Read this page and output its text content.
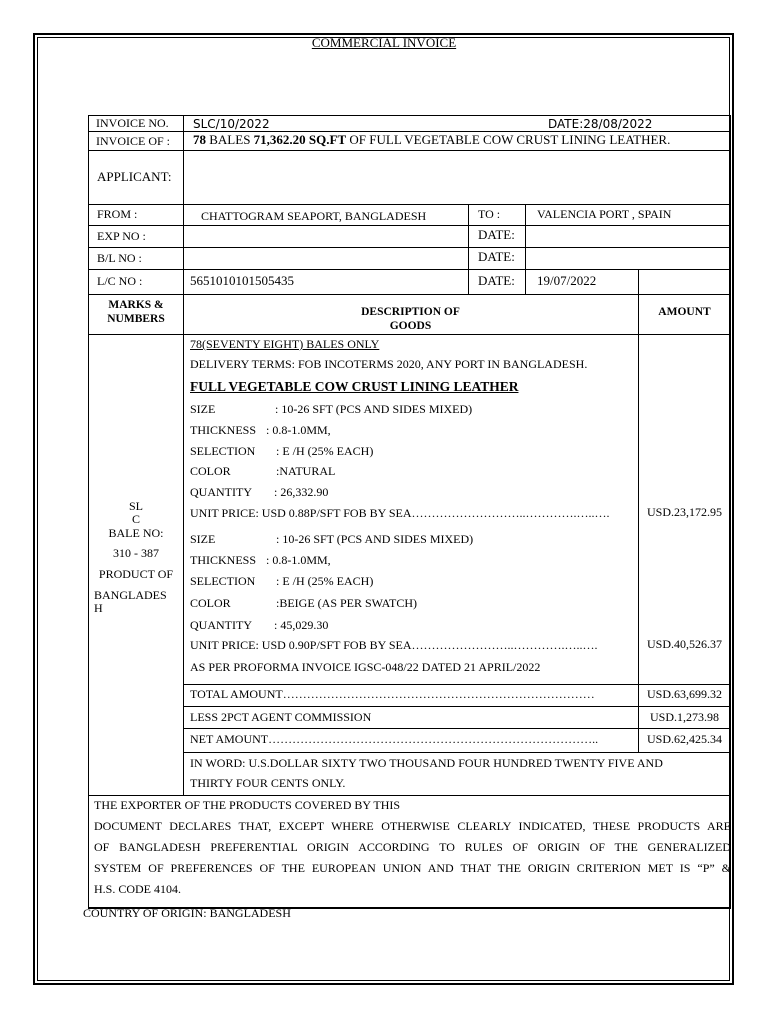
COMMERCIAL INVOICE
INVOICE NO. SLC/10/2022	DATE:28/08/2022
INVOICE OF : 78 BALES 71,362.20 SQ.FT OF FULL VEGETABLE COW CRUST LINING LEATHER.
APPLICANT:
FROM :	CHATTOGRAM SEAPORT, BANGLADESH	TO :	VALENCIA PORT , SPAIN
EXP NO :	DATE:
B/L NO :	DATE:
L/C NO :	5651010101505435	DATE: 19/07/2022
MARKS &
NUMBERS
DESCRIPTION OF
GOODS
AMOUNT
SL
C
BALE NO:
310 - 387
PRODUCT OF
BANGLADES
H
78(SEVENTY EIGHT) BALES ONLY
DELIVERY TERMS: FOB INCOTERMS 2020, ANY PORT IN BANGLADESH.
FULL VEGETABLE COW CRUST LINING LEATHER
SIZE	: 10-26 SFT (PCS AND SIDES MIXED)
THICKNESS : 0.8-1.0MM,
SELECTION : E /H (25% EACH)
COLOR	:NATURAL
QUANTITY : 26,332.90
UNIT PRICE: USD 0.88P/SFT FOB BY SEA………………………..………….…..….	USD.23,172.95
SIZE	: 10-26 SFT (PCS AND SIDES MIXED)
THICKNESS : 0.8-1.0MM,
SELECTION : E /H (25% EACH)
COLOR	:BEIGE (AS PER SWATCH)
QUANTITY : 45,029.30
UNIT PRICE: USD 0.90P/SFT FOB BY SEA……………………..………….…..….	USD.40,526.37
AS PER PROFORMA INVOICE IGSC-048/22 DATED 21 APRIL/2022
TOTAL AMOUNT……………………………………………………………………	USD.63,699.32
LESS 2PCT AGENT COMMISSION	USD.1,273.98
NET AMOUNT………………………………………………………………………..	USD.62,425.34
IN WORD: U.S.DOLLAR SIXTY TWO THOUSAND FOUR HUNDRED TWENTY FIVE AND
THIRTY FOUR CENTS ONLY.
THE EXPORTER OF THE PRODUCTS COVERED BY THIS
DOCUMENT DECLARES THAT, EXCEPT WHERE OTHERWISE CLEARLY INDICATED, THESE PRODUCTS ARE
OF BANGLADESH PREFERENTIAL ORIGIN ACCORDING TO RULES OF ORIGIN OF THE GENERALIZED
SYSTEM OF PREFERENCES OF THE EUROPEAN UNION AND THAT THE ORIGIN CRITERION MET IS “P” &
H.S. CODE 4104.
COUNTRY OF ORIGIN: BANGLADESH
